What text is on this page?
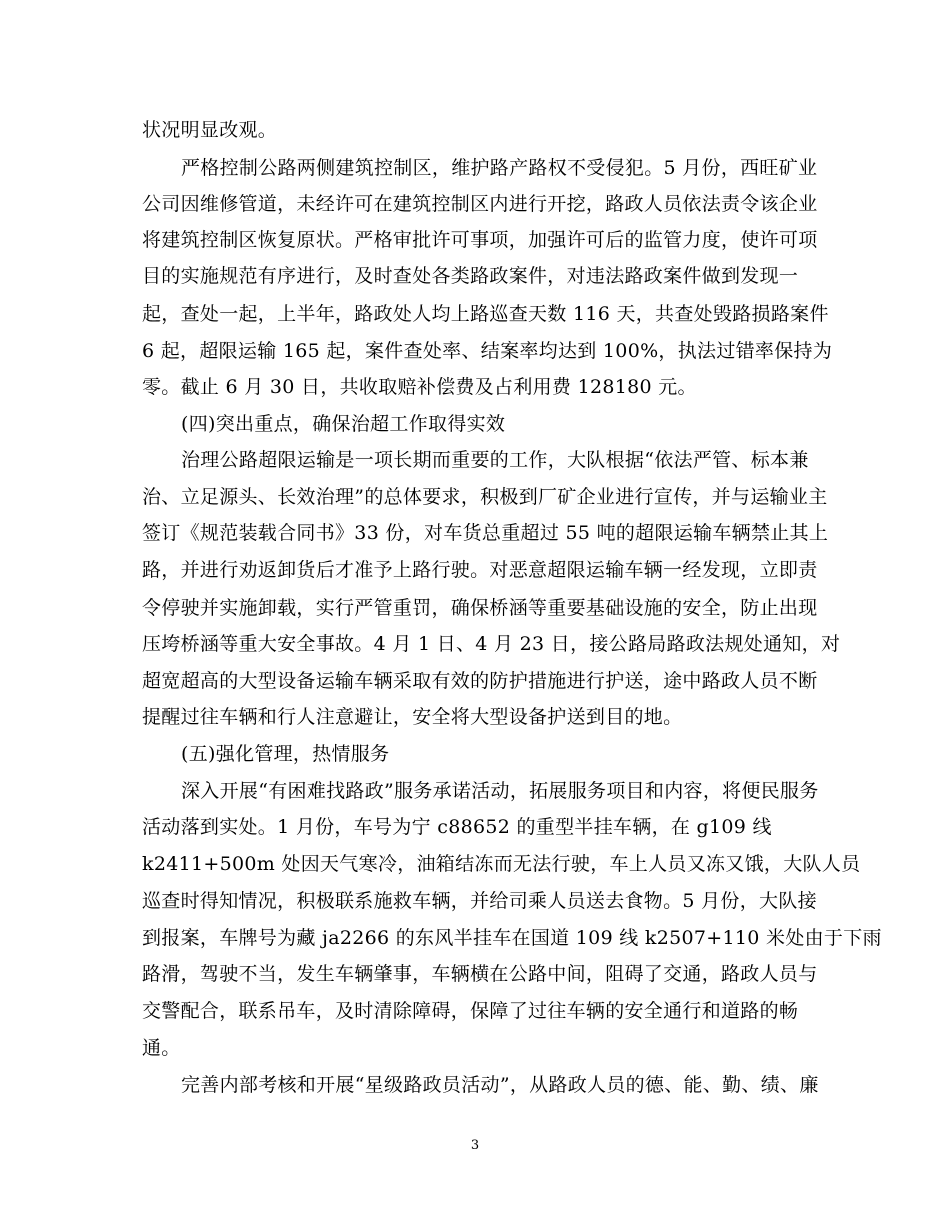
状况明显改观。
严格控制公路两侧建筑控制区，维护路产路权不受侵犯。5 月份，西旺矿业
公司因维修管道，未经许可在建筑控制区内进行开挖，路政人员依法责令该企业
将建筑控制区恢复原状。严格审批许可事项，加强许可后的监管力度，使许可项
目的实施规范有序进行，及时查处各类路政案件，对违法路政案件做到发现一
起，查处一起，上半年，路政处人均上路巡查天数 116 天，共查处毁路损路案件
6 起，超限运输 165 起，案件查处率、结案率均达到 100%，执法过错率保持为
零。截止 6 月 30 日，共收取赔补偿费及占利用费 128180 元。
(四)突出重点，确保治超工作取得实效
治理公路超限运输是一项长期而重要的工作，大队根据“依法严管、标本兼
治、立足源头、长效治理”的总体要求，积极到厂矿企业进行宣传，并与运输业主
签订《规范装载合同书》33 份，对车货总重超过 55 吨的超限运输车辆禁止其上
路，并进行劝返卸货后才准予上路行驶。对恶意超限运输车辆一经发现，立即责
令停驶并实施卸载，实行严管重罚，确保桥涵等重要基础设施的安全，防止出现
压垮桥涵等重大安全事故。4 月 1 日、4 月 23 日，接公路局路政法规处通知，对
超宽超高的大型设备运输车辆采取有效的防护措施进行护送，途中路政人员不断
提醒过往车辆和行人注意避让，安全将大型设备护送到目的地。
(五)强化管理，热情服务
深入开展“有困难找路政”服务承诺活动，拓展服务项目和内容，将便民服务
活动落到实处。1 月份，车号为宁 c88652 的重型半挂车辆，在 g109 线
k2411+500m 处因天气寒冷，油箱结冻而无法行驶，车上人员又冻又饿，大队人员
巡查时得知情况，积极联系施救车辆，并给司乘人员送去食物。5 月份，大队接
到报案，车牌号为藏 ja2266 的东风半挂车在国道 109 线 k2507+110 米处由于下雨
路滑，驾驶不当，发生车辆肇事，车辆横在公路中间，阻碍了交通，路政人员与
交警配合，联系吊车，及时清除障碍，保障了过往车辆的安全通行和道路的畅
通。
完善内部考核和开展“星级路政员活动”，从路政人员的德、能、勤、绩、廉
3
